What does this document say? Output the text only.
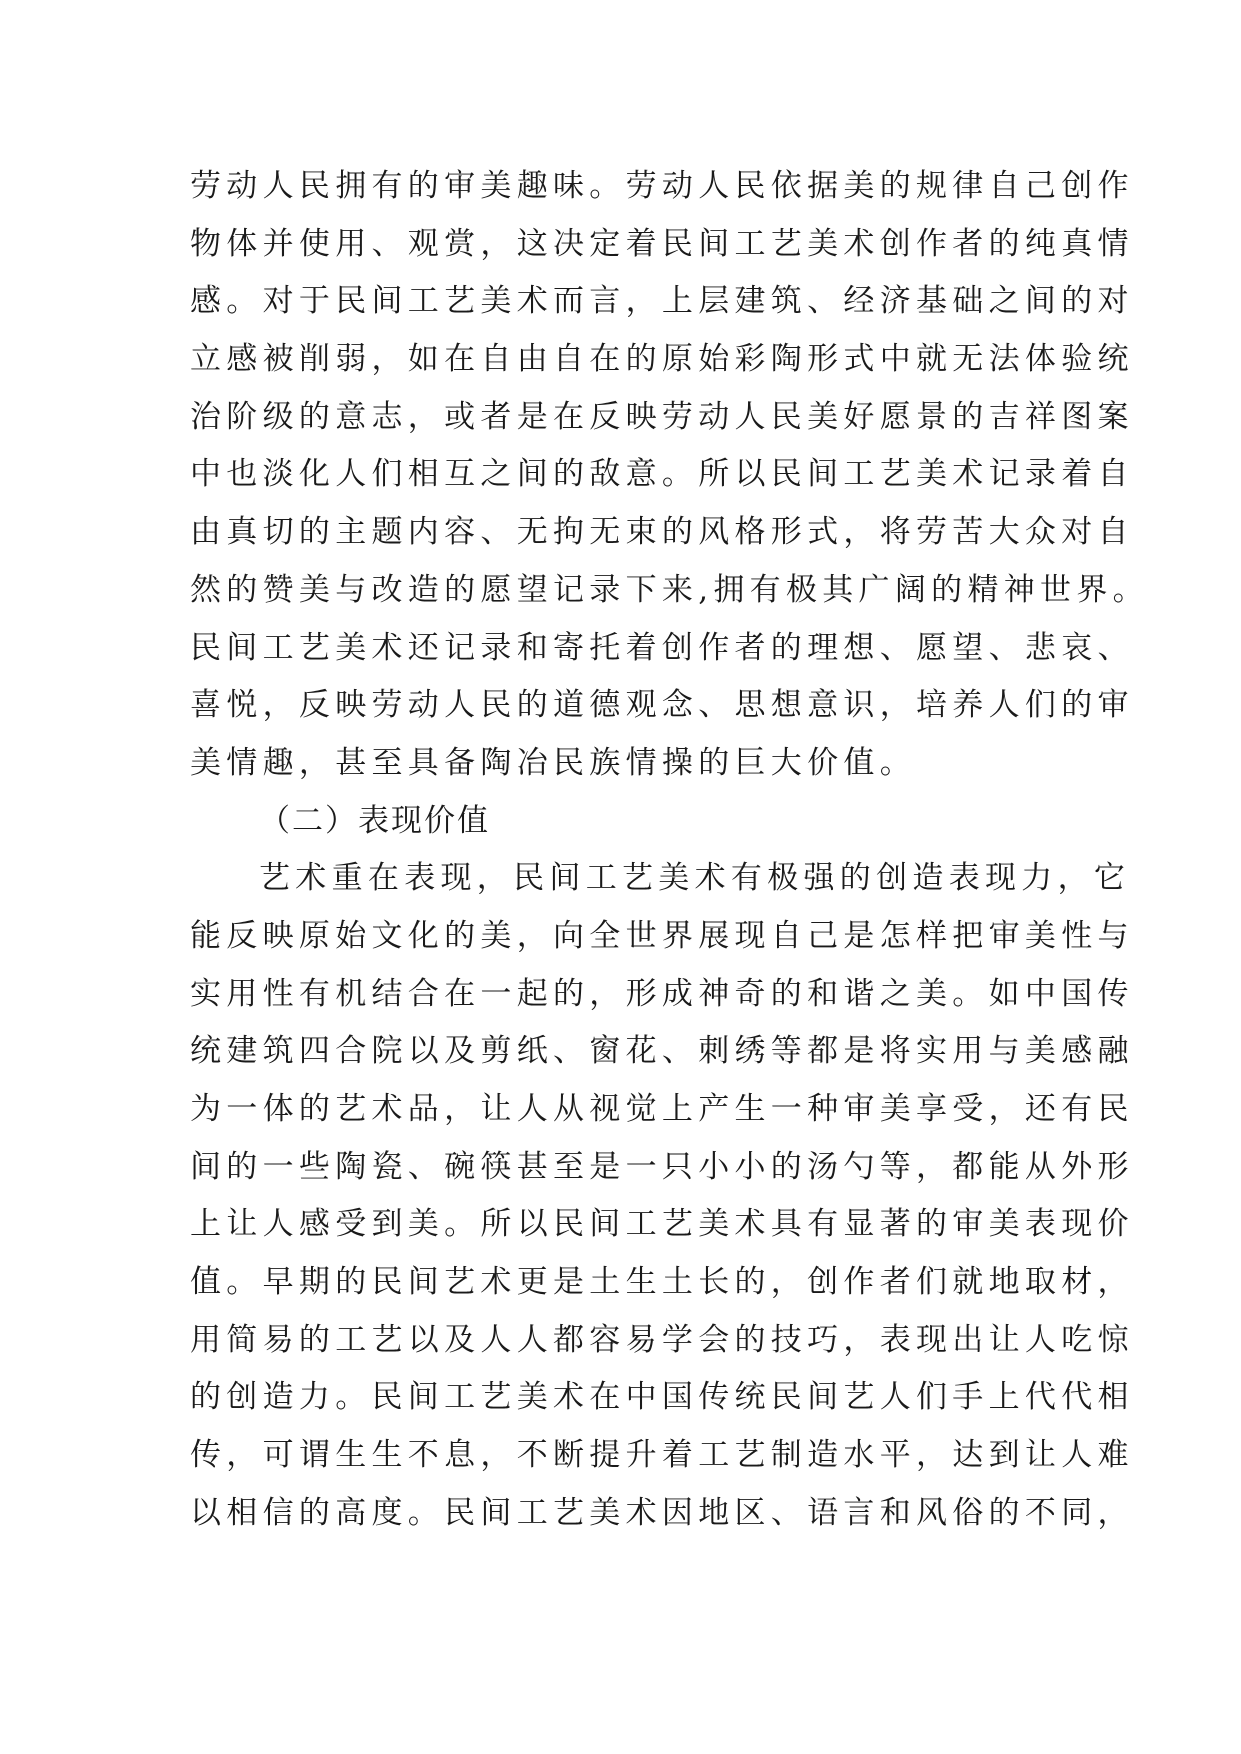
劳动人民拥有的审美趣味。劳动人民依据美的规律自己创作
物体并使用、观赏，这决定着民间工艺美术创作者的纯真情
感。对于民间工艺美术而言，上层建筑、经济基础之间的对
立感被削弱，如在自由自在的原始彩陶形式中就无法体验统
治阶级的意志，或者是在反映劳动人民美好愿景的吉祥图案
中也淡化人们相互之间的敌意。所以民间工艺美术记录着自
由真切的主题内容、无拘无束的风格形式，将劳苦大众对自
然的赞美与改造的愿望记录下来,拥有极其广阔的精神世界。
民间工艺美术还记录和寄托着创作者的理想、愿望、悲哀、
喜悦，反映劳动人民的道德观念、思想意识，培养人们的审
美情趣，甚至具备陶冶民族情操的巨大价值。
（二）表现价值
艺术重在表现，民间工艺美术有极强的创造表现力，它
能反映原始文化的美，向全世界展现自己是怎样把审美性与
实用性有机结合在一起的，形成神奇的和谐之美。如中国传
统建筑四合院以及剪纸、窗花、刺绣等都是将实用与美感融
为一体的艺术品，让人从视觉上产生一种审美享受，还有民
间的一些陶瓷、碗筷甚至是一只小小的汤勺等，都能从外形
上让人感受到美。所以民间工艺美术具有显著的审美表现价
值。早期的民间艺术更是土生土长的，创作者们就地取材，
用简易的工艺以及人人都容易学会的技巧，表现出让人吃惊
的创造力。民间工艺美术在中国传统民间艺人们手上代代相
传，可谓生生不息，不断提升着工艺制造水平，达到让人难
以相信的高度。民间工艺美术因地区、语言和风俗的不同，
